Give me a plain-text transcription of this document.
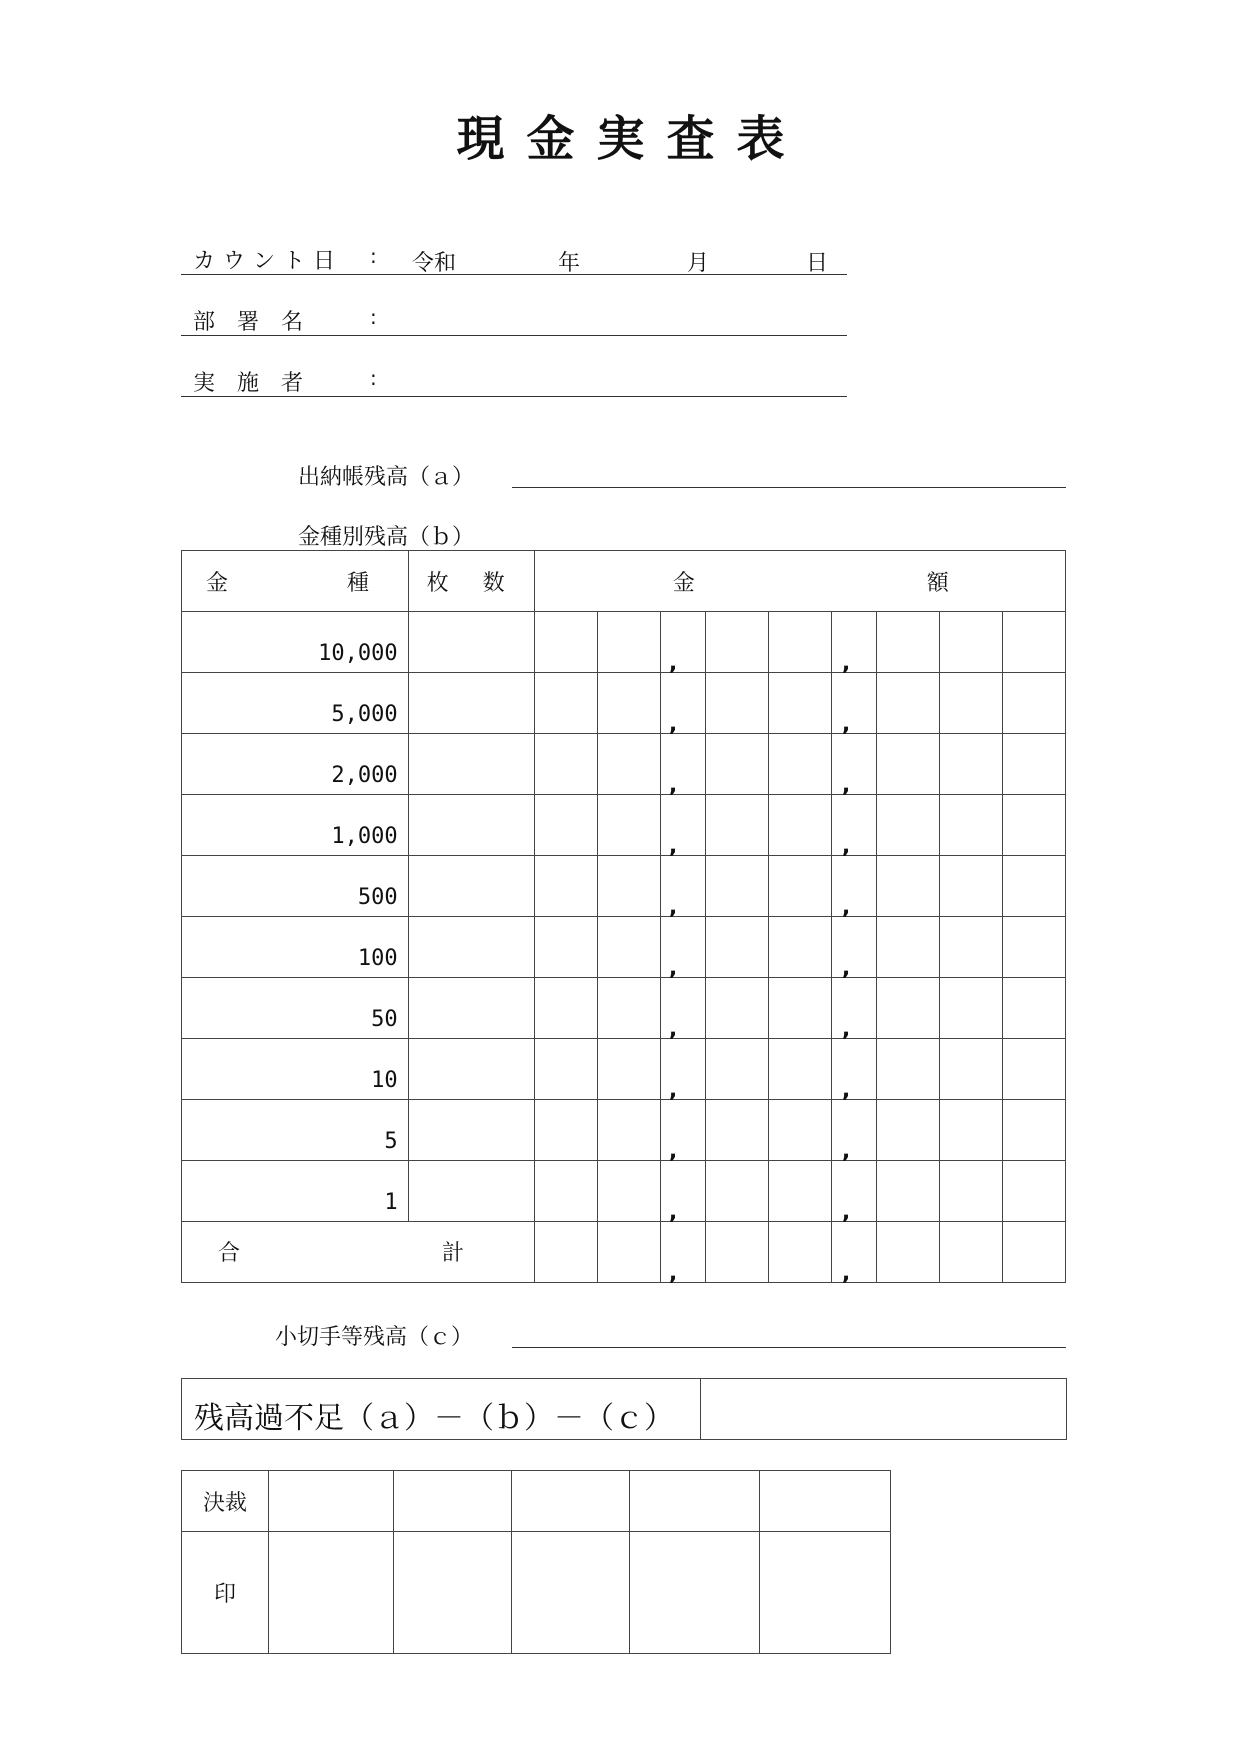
現金実査表
カウント日 : 令和	年	月	日
部　署　名	:
実　施　者	:
出納帳残高（ａ）
金種別残高（ｂ）
金 種	枚 数	金 額								

10,000				,			,			

5,000				,			,			

2,000				,			,			

1,000				,			,			

500				,			,			

100				,			,			

50				,			,			

10				,			,			

5				,			,			

1				,			,			

合 計				,			,			

小切手等残高（ｃ）
残高過不足（ａ）－（ｂ）－（ｃ）	
決裁					
印					
